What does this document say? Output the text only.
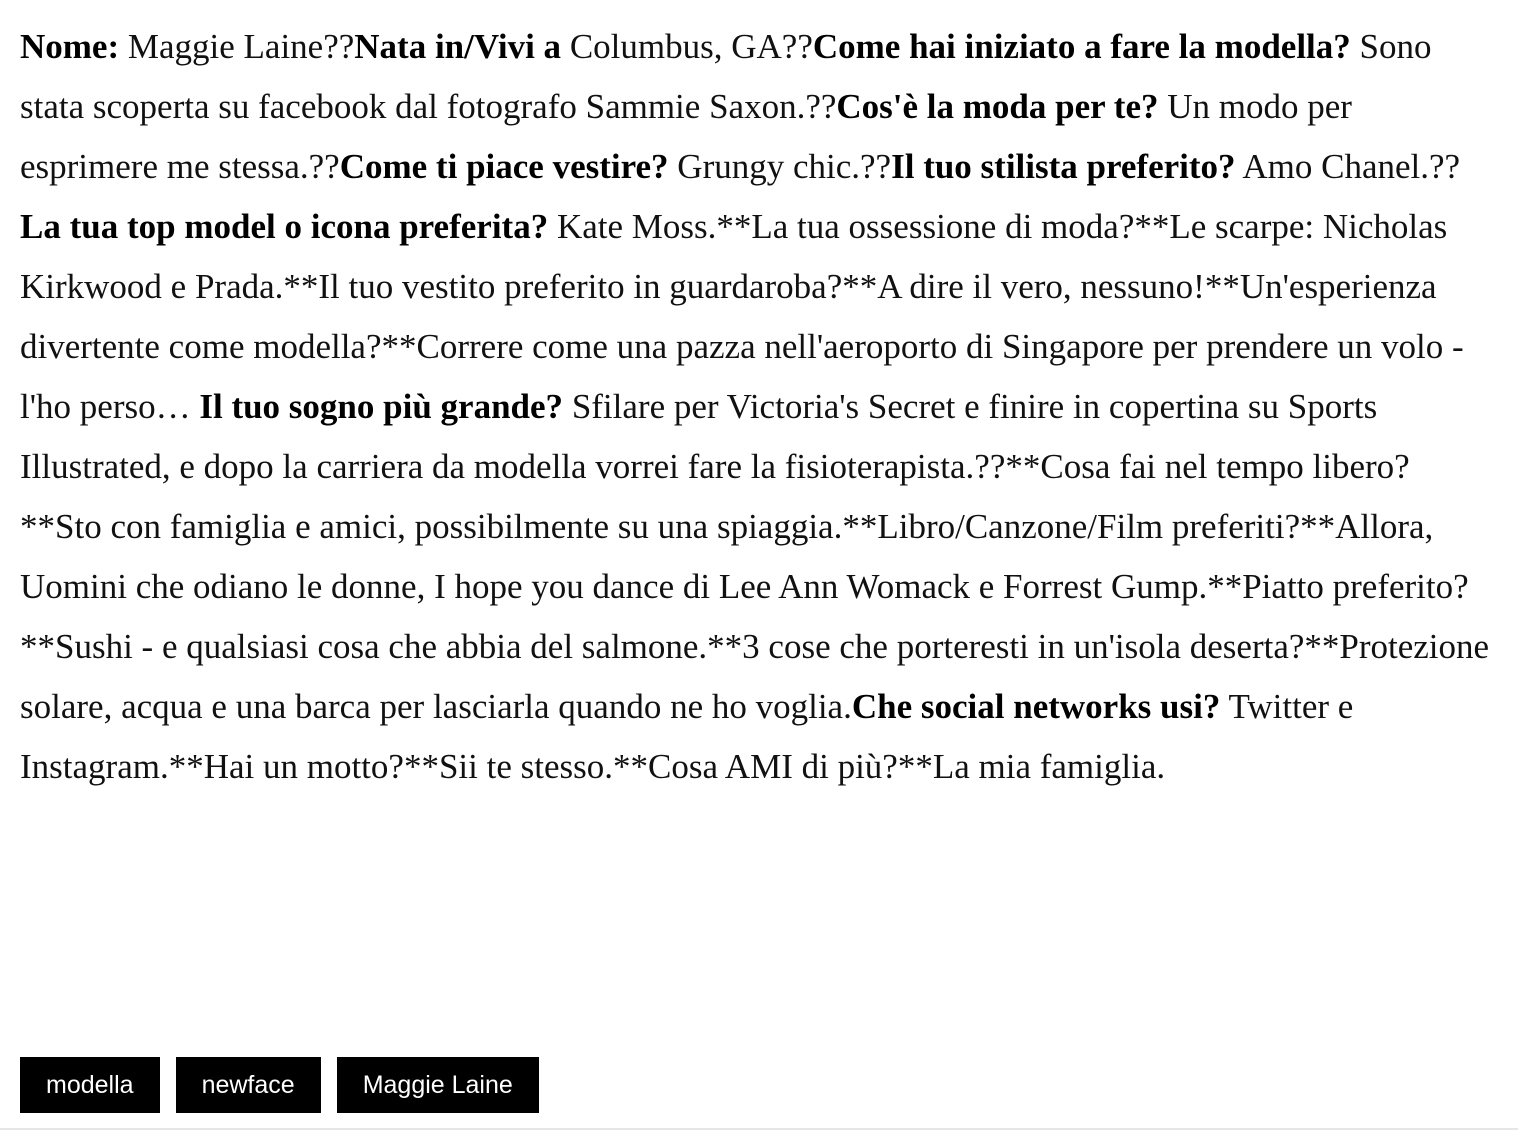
Nome: Maggie Laine??Nata in/Vivi a Columbus, GA??Come hai iniziato a fare la modella? Sono stata scoperta su facebook dal fotografo Sammie Saxon.??Cos'è la moda per te? Un modo per esprimere me stessa.??Come ti piace vestire? Grungy chic.??Il tuo stilista preferito? Amo Chanel.??La tua top model o icona preferita? Kate Moss.**La tua ossessione di moda?**Le scarpe: Nicholas Kirkwood e Prada.**Il tuo vestito preferito in guardaroba?**A dire il vero, nessuno!**Un'esperienza divertente come modella?**Correre come una pazza nell'aeroporto di Singapore per prendere un volo - l'ho perso… Il tuo sogno più grande? Sfilare per Victoria's Secret e finire in copertina su Sports Illustrated, e dopo la carriera da modella vorrei fare la fisioterapista.??**Cosa fai nel tempo libero?**Sto con famiglia e amici, possibilmente su una spiaggia.**Libro/Canzone/Film preferiti?**Allora, Uomini che odiano le donne, I hope you dance di Lee Ann Womack e Forrest Gump.**Piatto preferito?**Sushi - e qualsiasi cosa che abbia del salmone.**3 cose che porteresti in un'isola deserta?**Protezione solare, acqua e una barca per lasciarla quando ne ho voglia.Che social networks usi? Twitter e Instagram.**Hai un motto?**Sii te stesso.**Cosa AMI di più?**La mia famiglia.

modella	newface	Maggie Laine
